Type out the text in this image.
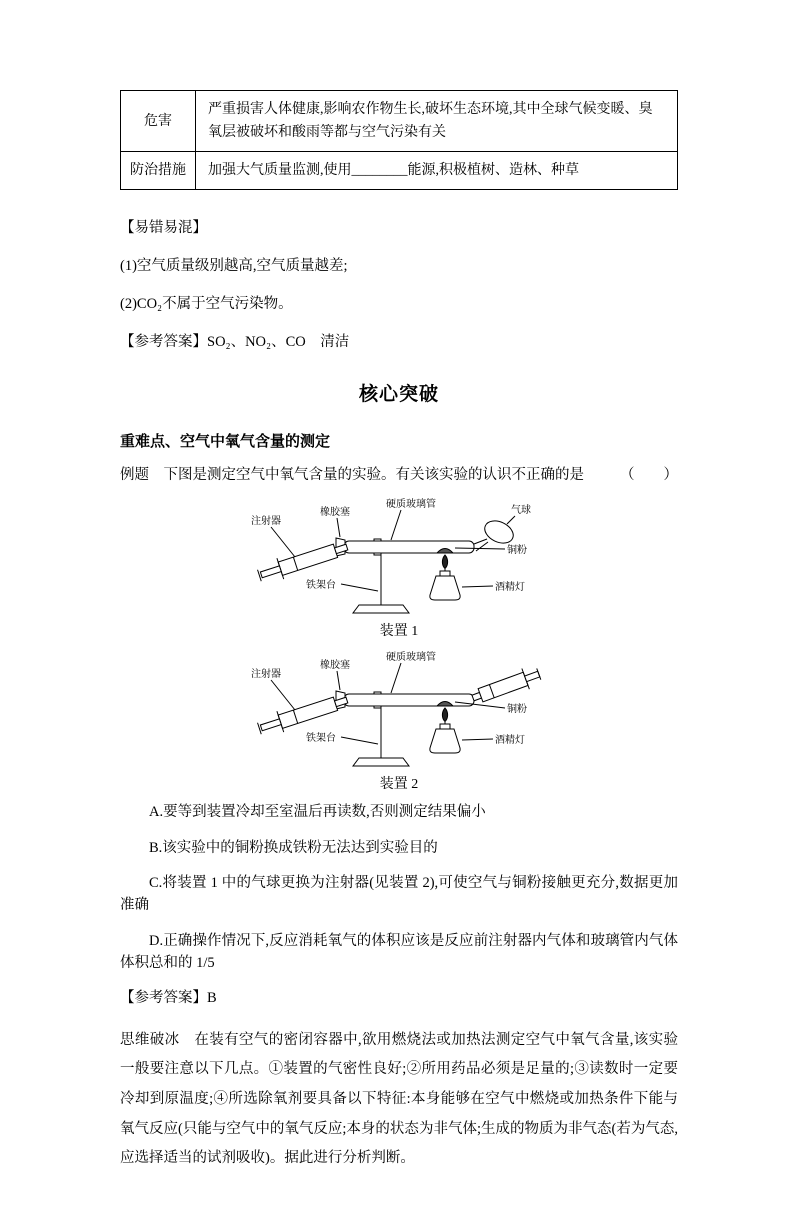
危害	严重损害人体健康,影响农作物生长,破坏生态环境,其中全球气候变暖、臭氧层被破坏和酸雨等都与空气污染有关
防治措施	加强大气质量监测,使用________能源,积极植树、造林、种草

【易错易混】

(1)空气质量级别越高,空气质量越差;

(2)CO₂不属于空气污染物。

【参考答案】SO₂、NO₂、CO　清洁

核心突破
重难点、空气中氧气含量的测定
例题　下图是测定空气中氧气含量的实验。有关该实验的认识不正确的是 （　　）
注射器
橡胶塞
硬质玻璃管
气球
铜粉
铁架台	酒精灯
装置 1
注射器
橡胶塞
硬质玻璃管
铜粉
铁架台	酒精灯
装置 2

A.要等到装置冷却至室温后再读数,否则测定结果偏小

B.该实验中的铜粉换成铁粉无法达到实验目的

C.将装置 1 中的气球更换为注射器(见装置 2),可使空气与铜粉接触更充分,数据更加准确

D.正确操作情况下,反应消耗氧气的体积应该是反应前注射器内气体和玻璃管内气体体积总和的 1/5

【参考答案】B

思维破冰　在装有空气的密闭容器中,欲用燃烧法或加热法测定空气中氧气含量,该实验一般要注意以下几点。①装置的气密性良好;②所用药品必须是足量的;③读数时一定要冷却到原温度;④所选除氧剂要具备以下特征:本身能够在空气中燃烧或加热条件下能与氧气反应(只能与空气中的氧气反应;本身的状态为非气体;生成的物质为非气态(若为气态,应选择适当的试剂吸收)。据此进行分析判断。
